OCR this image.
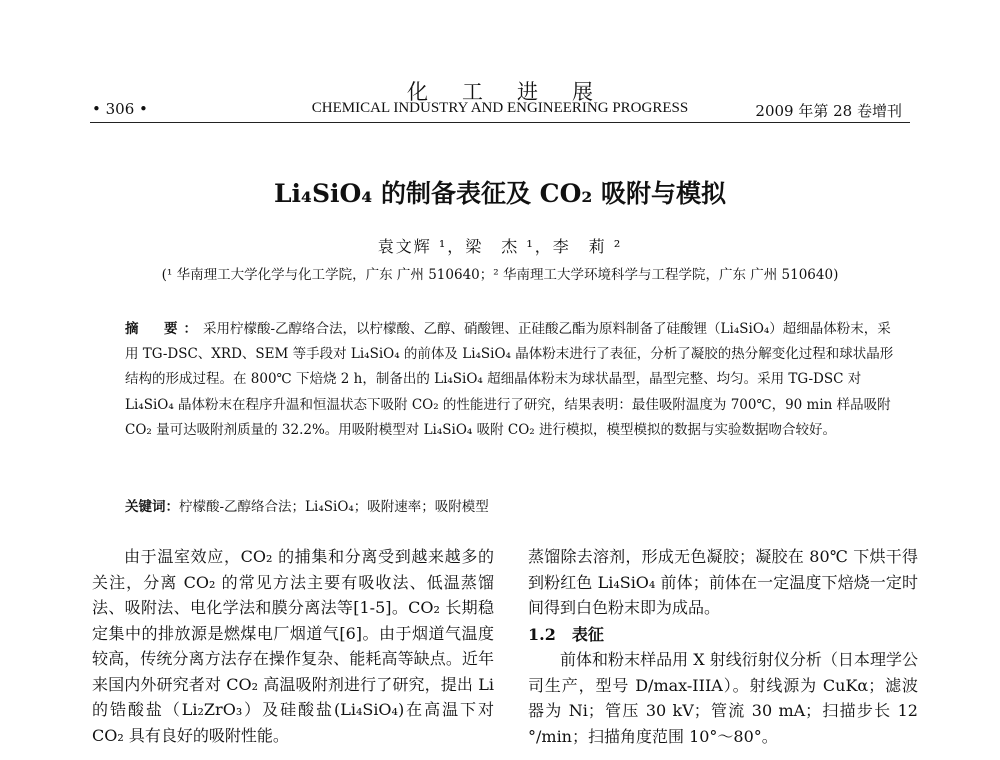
化工进展
• 306 •	CHEMICAL INDUSTRY AND ENGINEERING PROGRESS	2009 年第 28 卷增刊
Li₄SiO₄ 的制备表征及 CO₂ 吸附与模拟
袁文辉 ¹，梁　杰 ¹，李　莉 ²
(¹ 华南理工大学化学与化工学院，广东 广州 510640；² 华南理工大学环境科学与工程学院，广东 广州 510640)
摘　要：采用柠檬酸-乙醇络合法，以柠檬酸、乙醇、硝酸锂、正硅酸乙酯为原料制备了硅酸锂（Li₄SiO₄）超细晶体粉末，采用 TG-DSC、XRD、SEM 等手段对 Li₄SiO₄ 的前体及 Li₄SiO₄ 晶体粉末进行了表征，分析了凝胶的热分解变化过程和球状晶形结构的形成过程。在 800℃ 下焙烧 2 h，制备出的 Li₄SiO₄ 超细晶体粉末为球状晶型，晶型完整、均匀。采用 TG-DSC 对 Li₄SiO₄ 晶体粉末在程序升温和恒温状态下吸附 CO₂ 的性能进行了研究，结果表明：最佳吸附温度为 700℃，90 min 样品吸附 CO₂ 量可达吸附剂质量的 32.2%。用吸附模型对 Li₄SiO₄ 吸附 CO₂ 进行模拟，模型模拟的数据与实验数据吻合较好。
关键词：柠檬酸-乙醇络合法；Li₄SiO₄；吸附速率；吸附模型
由于温室效应，CO₂ 的捕集和分离受到越来越多的关注，分离 CO₂ 的常见方法主要有吸收法、低温蒸馏法、吸附法、电化学法和膜分离法等[1-5]。CO₂ 长期稳定集中的排放源是燃煤电厂烟道气[6]。由于烟道气温度较高，传统分离方法存在操作复杂、能耗高等缺点。近年来国内外研究者对 CO₂ 高温吸附剂进行了研究，提出 Li 的锆酸盐（Li₂ZrO₃）及硅酸盐(Li₄SiO₄)在高温下对 CO₂ 具有良好的吸附性能。
蒸馏除去溶剂，形成无色凝胶；凝胶在 80℃ 下烘干得到粉红色 Li₄SiO₄ 前体；前体在一定温度下焙烧一定时间得到白色粉末即为成品。
1.2　表征
前体和粉末样品用 X 射线衍射仪分析（日本理学公司生产，型号 D/max-IIIA）。射线源为 CuKα；滤波器为 Ni；管压 30 kV；管流 30 mA；扫描步长 12 °/min；扫描角度范围 10°～80°。
